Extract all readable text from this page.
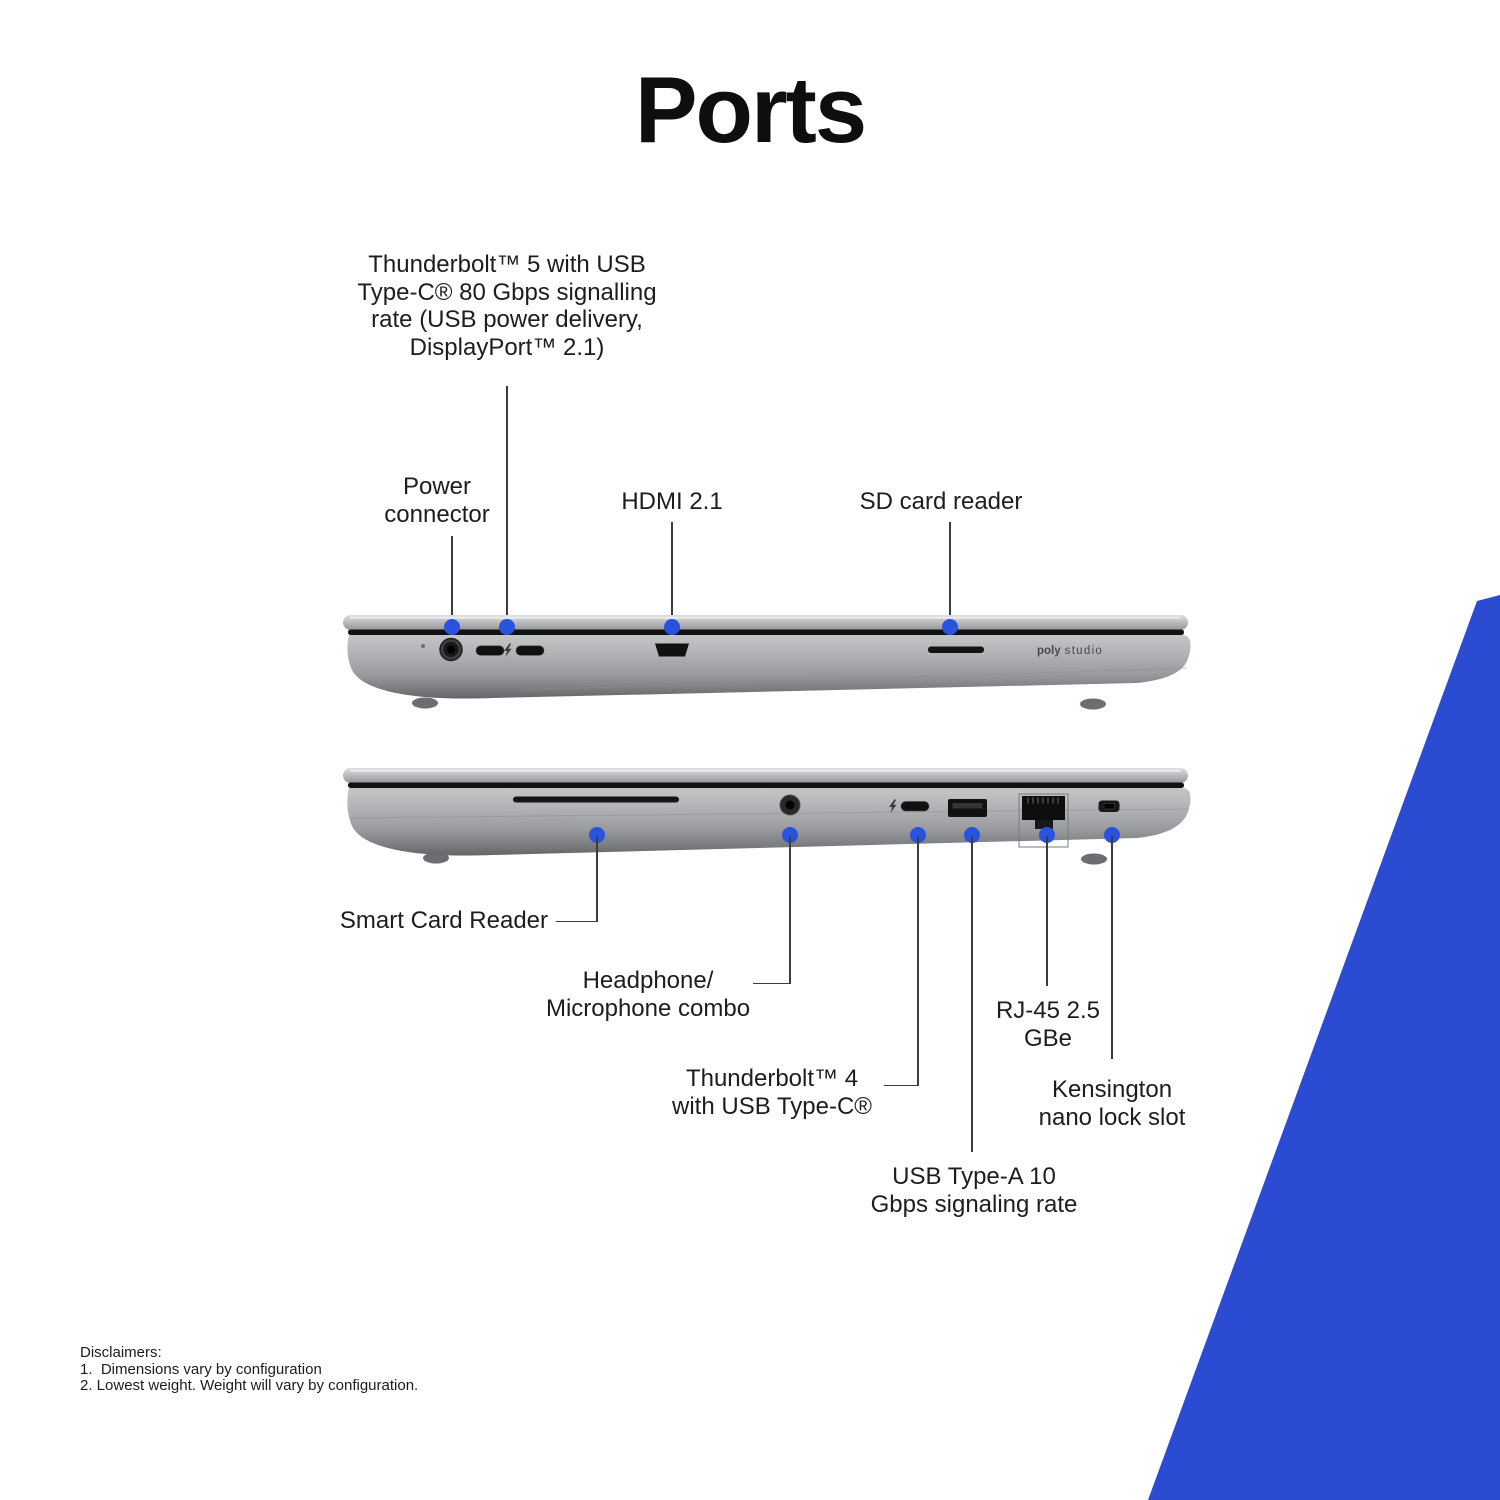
Ports
Thunderbolt™ 5 with USB
Type-C® 80 Gbps signalling
rate (USB power delivery,
DisplayPort™ 2.1)
Power
connector	HDMI 2.1	SD card reader
poly studio
Smart Card Reader
Headphone/
Microphone combo
Thunderbolt™ 4
with USB Type-C®
USB Type-A 10
Gbps signaling rate
RJ-45 2.5
GBe
Kensington
nano lock slot
Disclaimers:
1.  Dimensions vary by configuration
2. Lowest weight. Weight will vary by configuration.
